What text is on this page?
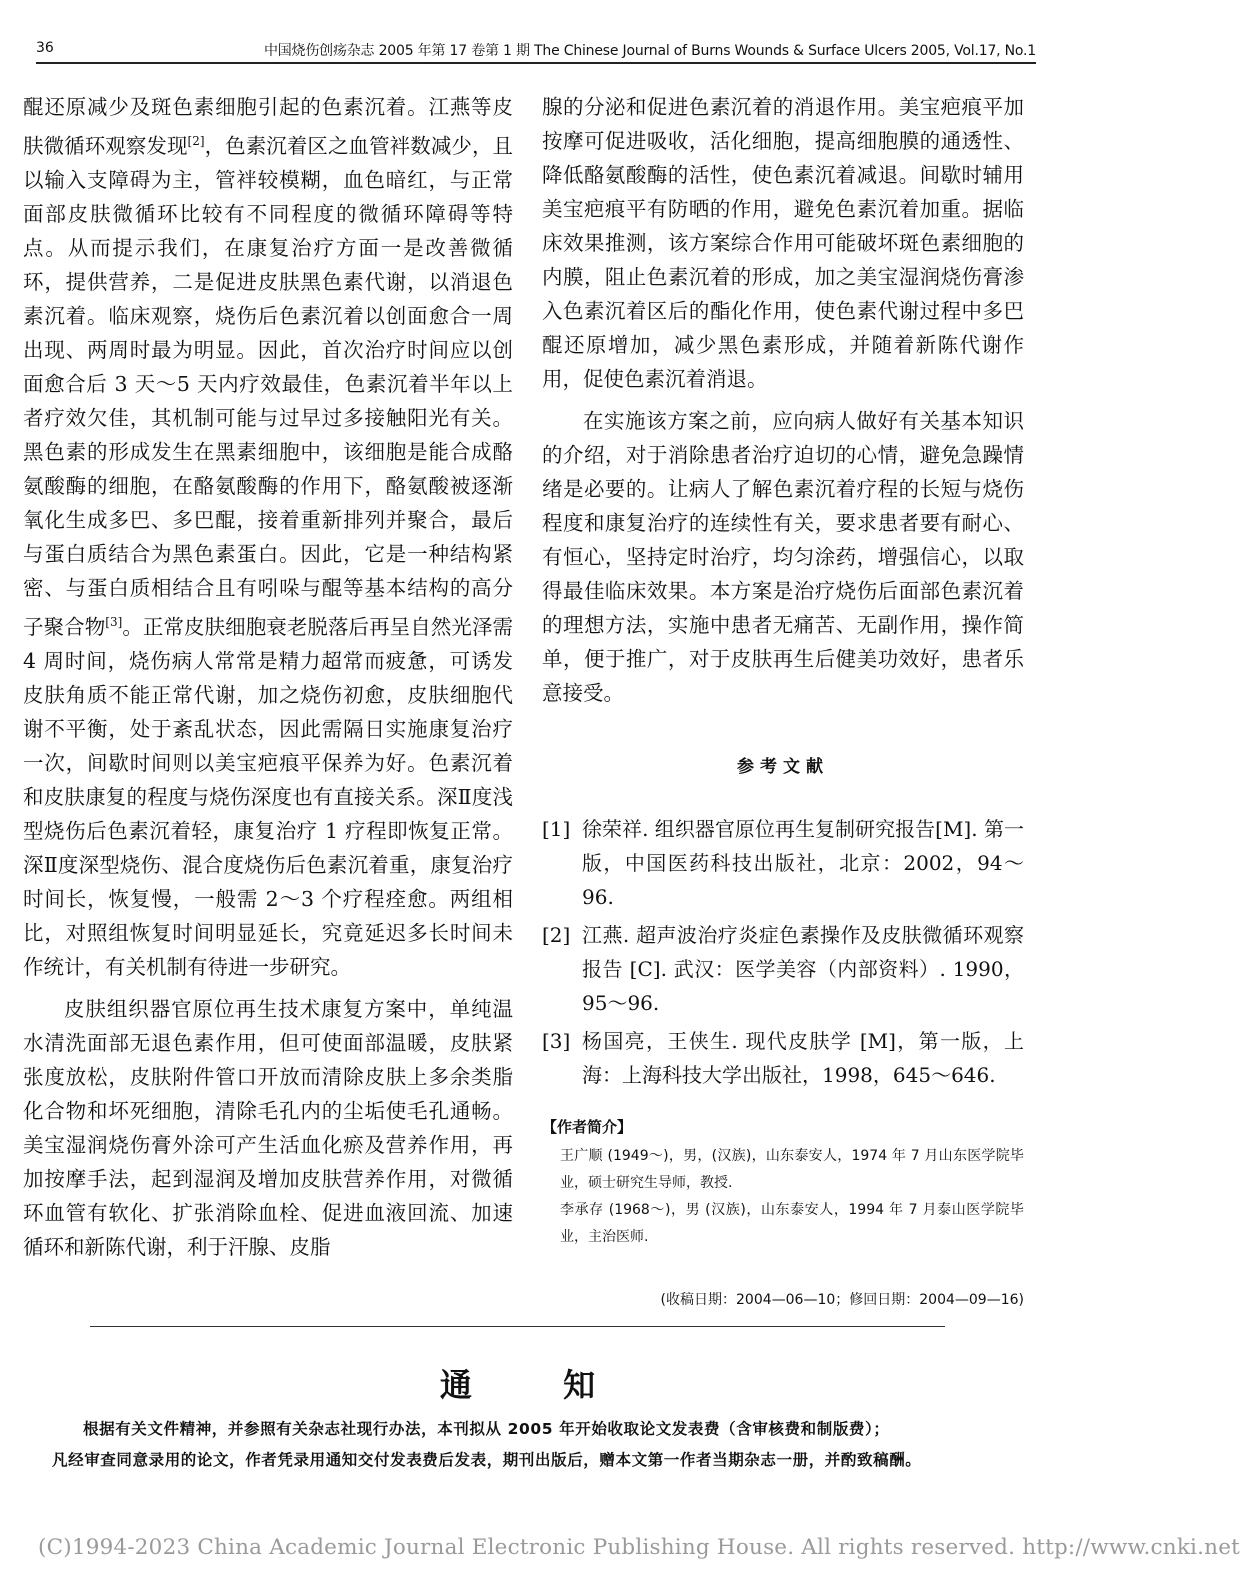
36	中国烧伤创疡杂志 2005 年第 17 卷第 1 期 The Chinese Journal of Burns Wounds & Surface Ulcers 2005, Vol.17, No.1

醌还原减少及斑色素细胞引起的色素沉着。江燕等皮肤微循环观察发现[2]，色素沉着区之血管袢数减少，且以输入支障碍为主，管袢较模糊，血色暗红，与正常面部皮肤微循环比较有不同程度的微循环障碍等特点。从而提示我们，在康复治疗方面一是改善微循环，提供营养，二是促进皮肤黑色素代谢，以消退色素沉着。临床观察，烧伤后色素沉着以创面愈合一周出现、两周时最为明显。因此，首次治疗时间应以创面愈合后 3 天～5 天内疗效最佳，色素沉着半年以上者疗效欠佳，其机制可能与过早过多接触阳光有关。黑色素的形成发生在黑素细胞中，该细胞是能合成酪氨酸酶的细胞，在酪氨酸酶的作用下，酪氨酸被逐渐氧化生成多巴、多巴醌，接着重新排列并聚合，最后与蛋白质结合为黑色素蛋白。因此，它是一种结构紧密、与蛋白质相结合且有吲哚与醌等基本结构的高分子聚合物[3]。正常皮肤细胞衰老脱落后再呈自然光泽需 4 周时间，烧伤病人常常是精力超常而疲惫，可诱发皮肤角质不能正常代谢，加之烧伤初愈，皮肤细胞代谢不平衡，处于紊乱状态，因此需隔日实施康复治疗一次，间歇时间则以美宝疤痕平保养为好。色素沉着和皮肤康复的程度与烧伤深度也有直接关系。深Ⅱ度浅型烧伤后色素沉着轻，康复治疗 1 疗程即恢复正常。深Ⅱ度深型烧伤、混合度烧伤后色素沉着重，康复治疗时间长，恢复慢，一般需 2～3 个疗程痊愈。两组相比，对照组恢复时间明显延长，究竟延迟多长时间未作统计，有关机制有待进一步研究。

皮肤组织器官原位再生技术康复方案中，单纯温水清洗面部无退色素作用，但可使面部温暖，皮肤紧张度放松，皮肤附件管口开放而清除皮肤上多余类脂化合物和坏死细胞，清除毛孔内的尘垢使毛孔通畅。美宝湿润烧伤膏外涂可产生活血化瘀及营养作用，再加按摩手法，起到湿润及增加皮肤营养作用，对微循环血管有软化、扩张消除血栓、促进血液回流、加速循环和新陈代谢，利于汗腺、皮脂

腺的分泌和促进色素沉着的消退作用。美宝疤痕平加按摩可促进吸收，活化细胞，提高细胞膜的通透性、降低酪氨酸酶的活性，使色素沉着减退。间歇时辅用美宝疤痕平有防晒的作用，避免色素沉着加重。据临床效果推测，该方案综合作用可能破坏斑色素细胞的内膜，阻止色素沉着的形成，加之美宝湿润烧伤膏渗入色素沉着区后的酯化作用，使色素代谢过程中多巴醌还原增加，减少黑色素形成，并随着新陈代谢作用，促使色素沉着消退。

在实施该方案之前，应向病人做好有关基本知识的介绍，对于消除患者治疗迫切的心情，避免急躁情绪是必要的。让病人了解色素沉着疗程的长短与烧伤程度和康复治疗的连续性有关，要求患者要有耐心、有恒心，坚持定时治疗，均匀涂药，增强信心，以取得最佳临床效果。本方案是治疗烧伤后面部色素沉着的理想方法，实施中患者无痛苦、无副作用，操作简单，便于推广，对于皮肤再生后健美功效好，患者乐意接受。

参考文献
[1] 徐荣祥. 组织器官原位再生复制研究报告[M]. 第一版，中国医药科技出版社，北京：2002，94～96.
[2] 江燕. 超声波治疗炎症色素操作及皮肤微循环观察报告 [C]. 武汉：医学美容（内部资料）. 1990，95～96.
[3] 杨国亮，王侠生. 现代皮肤学 [M]，第一版，上海：上海科技大学出版社，1998，645～646.
【作者简介】
王广顺 (1949～)，男，(汉族)，山东泰安人，1974 年 7 月山东医学院毕业，硕士研究生导师，教授.
李承存 (1968～)，男 (汉族)，山东泰安人，1994 年 7 月泰山医学院毕业，主治医师.
(收稿日期：2004—06—10；修回日期：2004—09—16)
通 知

根据有关文件精神，并参照有关杂志社现行办法，本刊拟从 2005 年开始收取论文发表费（含审核费和制版费）；

凡经审查同意录用的论文，作者凭录用通知交付发表费后发表，期刊出版后，赠本文第一作者当期杂志一册，并酌致稿酬。

(C)1994-2023 China Academic Journal Electronic Publishing House. All rights reserved. http://www.cnki.net
